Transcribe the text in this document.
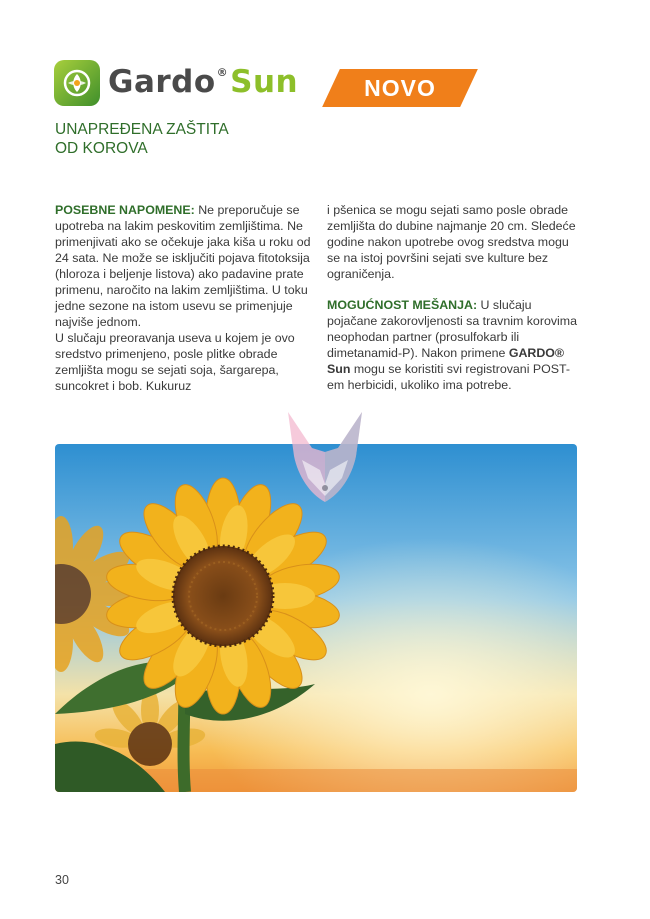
Gardo®Sun	NOVO
UNAPREĐENA ZAŠTITA
OD KOROVA

POSEBNE NAPOMENE: Ne preporučuje se upotreba na lakim peskovitim zemljištima. Ne primenjivati ako se očekuje jaka kiša u roku od 24 sata. Ne može se isključiti pojava fitotoksija (hloroza i beljenje listova) ako padavine prate primenu, naročito na lakim zemljištima. U toku jedne sezone na istom usevu se primenjuje najviše jednom.
U slučaju preoravanja useva u kojem je ovo sredstvo primenjeno, posle plitke obrade zemljišta mogu se sejati soja, šargarepa, suncokret i bob. Kukuruz

i pšenica se mogu sejati samo posle obrade zemljišta do dubine najmanje 20 cm. Sledeće godine nakon upotrebe ovog sredstva mogu se na istoj površini sejati sve kulture bez ograničenja.

MOGUĆNOST MEŠANJA: U slučaju pojačane zakorovljenosti sa travnim korovima neophodan partner (prosulfokarb ili dimetanamid-P). Nakon primene GARDO® Sun mogu se koristiti svi registrovani POST-em herbicidi, ukoliko ima potrebe.

30
